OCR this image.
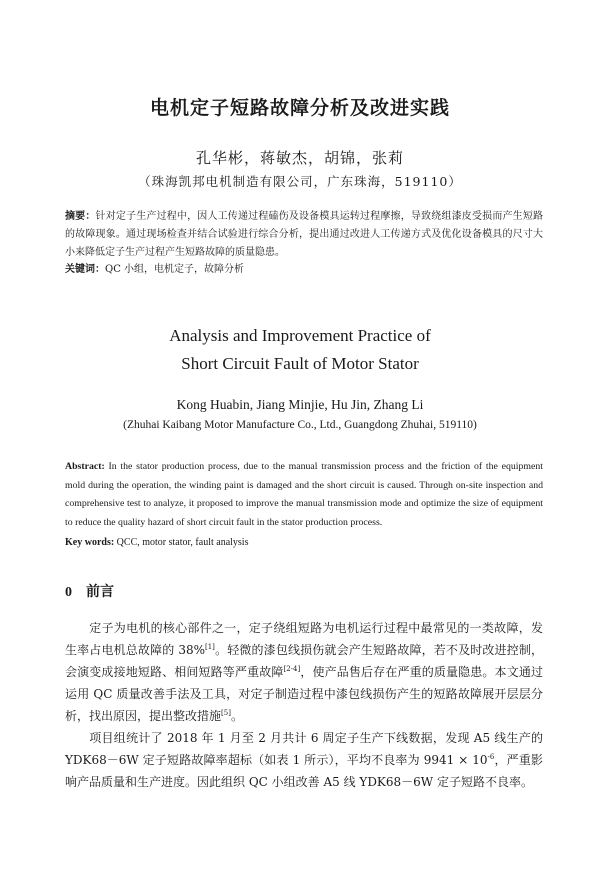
电机定子短路故障分析及改进实践
孔华彬，蒋敏杰，胡锦，张莉
（珠海凯邦电机制造有限公司，广东珠海，519110）
摘要：针对定子生产过程中，因人工传递过程磕伤及设备模具运转过程摩擦，导致绕组漆皮受损而产生短路的故障现象。通过现场检查并结合试验进行综合分析，提出通过改进人工传递方式及优化设备模具的尺寸大小来降低定子生产过程产生短路故障的质量隐患。
关键词：QC 小组，电机定子，故障分析
Analysis and Improvement Practice of
Short Circuit Fault of Motor Stator
Kong Huabin, Jiang Minjie, Hu Jin, Zhang Li
(Zhuhai Kaibang Motor Manufacture Co., Ltd., Guangdong Zhuhai, 519110)
Abstract: In the stator production process, due to the manual transmission process and the friction of the equipment mold during the operation, the winding paint is damaged and the short circuit is caused. Through on-site inspection and comprehensive test to analyze, it proposed to improve the manual transmission mode and optimize the size of equipment to reduce the quality hazard of short circuit fault in the stator production process.
Key words: QCC, motor stator, fault analysis
0 前言
定子为电机的核心部件之一，定子绕组短路为电机运行过程中最常见的一类故障，发生率占电机总故障的 38%[1]。轻微的漆包线损伤就会产生短路故障，若不及时改进控制，会演变成接地短路、相间短路等严重故障[2-4]，使产品售后存在严重的质量隐患。本文通过运用 QC 质量改善手法及工具，对定子制造过程中漆包线损伤产生的短路故障展开层层分析，找出原因，提出整改措施[5]。
项目组统计了 2018 年 1 月至 2 月共计 6 周定子生产下线数据，发现 A5 线生产的 YDK68－6W 定子短路故障率超标（如表 1 所示），平均不良率为 $9941 \times 10^{-6}$，严重影响产品质量和生产进度。因此组织 QC 小组改善 A5 线 YDK68－6W 定子短路不良率。
